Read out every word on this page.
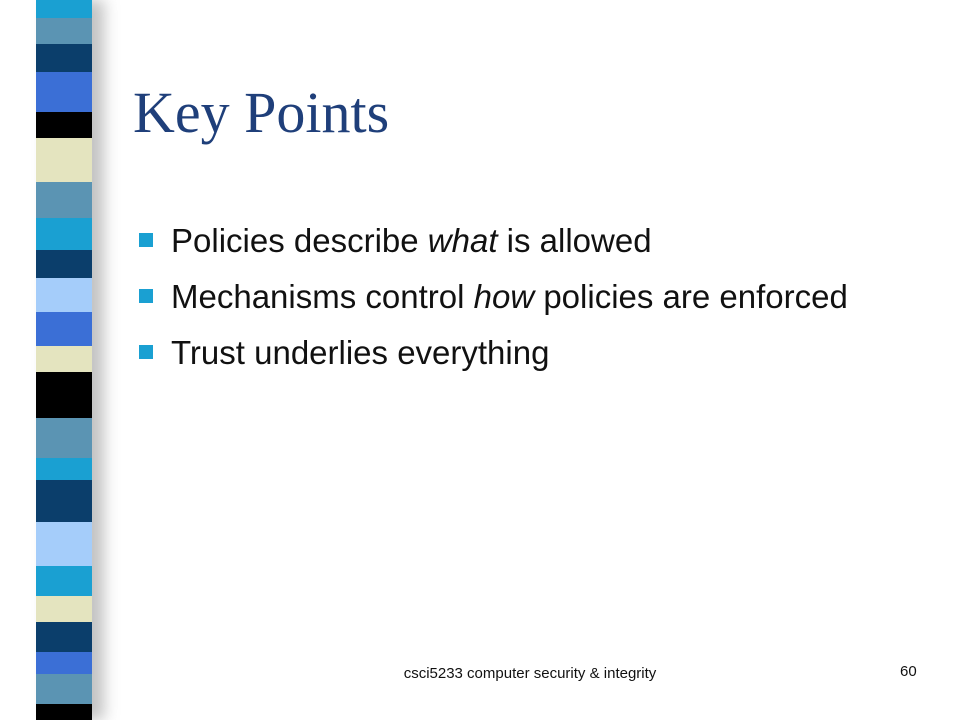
Key Points
Policies describe what is allowed
Mechanisms control how policies are enforced
Trust underlies everything
csci5233 computer security & integrity	60
